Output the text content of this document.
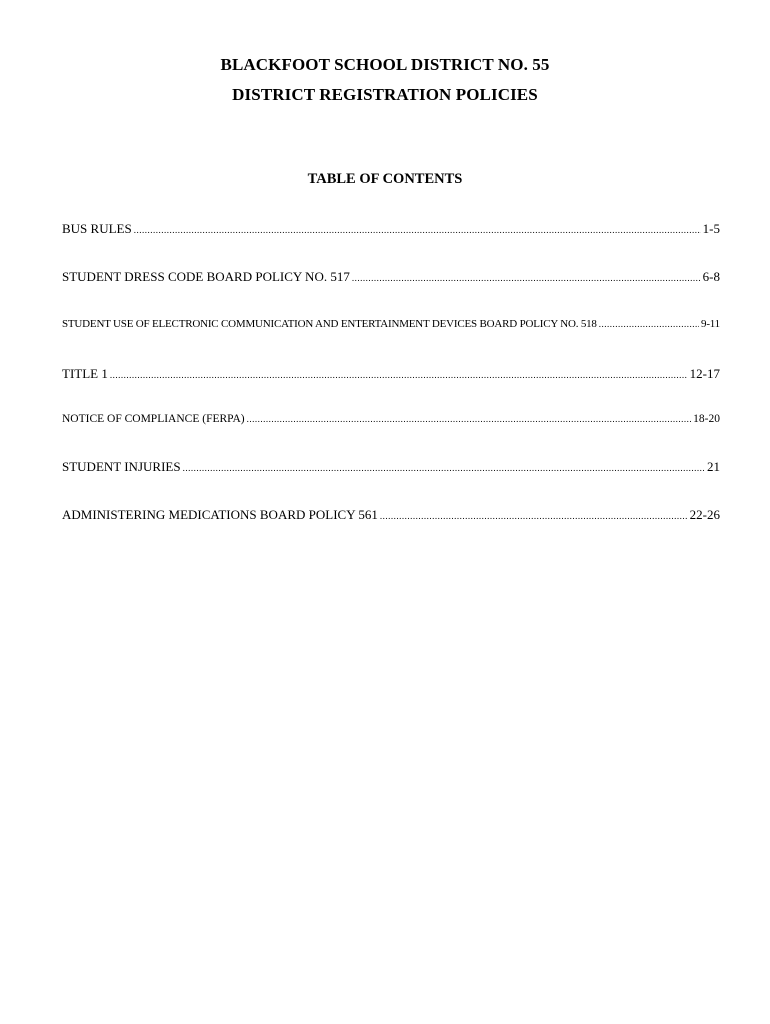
BLACKFOOT SCHOOL DISTRICT NO. 55
DISTRICT REGISTRATION POLICIES
TABLE OF CONTENTS
BUS RULES .....	1-5
STUDENT DRESS CODE BOARD POLICY NO. 517 .....	6-8
STUDENT USE OF ELECTRONIC COMMUNICATION AND ENTERTAINMENT DEVICES BOARD POLICY NO. 518 .....	9-11
TITLE 1 .....	12-17
NOTICE OF COMPLIANCE (FERPA) .....	18-20
STUDENT INJURIES .....	21
ADMINISTERING MEDICATIONS BOARD POLICY 561 .....	22-26
